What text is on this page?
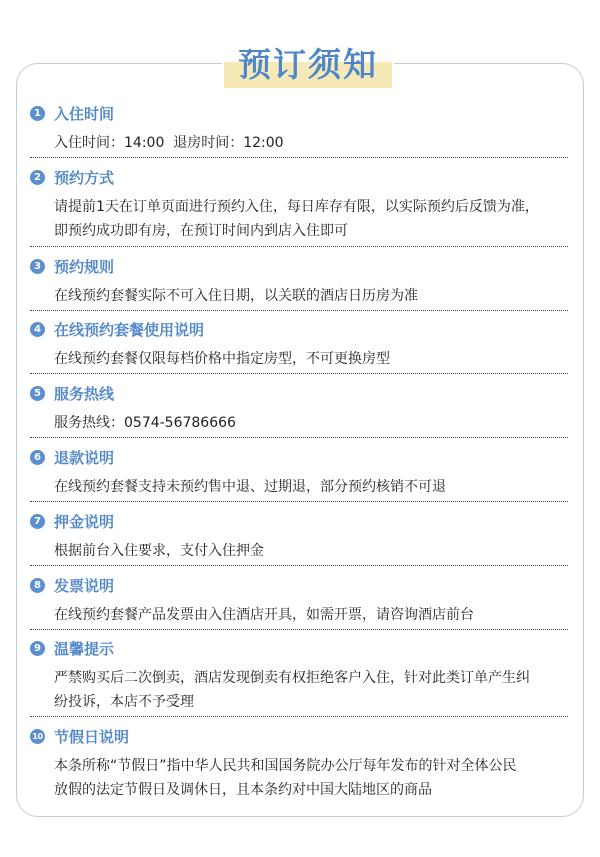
预订须知
1 入住时间
入住时间：14:00  退房时间：12:00
2 预约方式
请提前1天在订单页面进行预约入住，每日库存有限，以实际预约后反馈为准，
即预约成功即有房，在预订时间内到店入住即可
3 预约规则
在线预约套餐实际不可入住日期，以关联的酒店日历房为准
4 在线预约套餐使用说明
在线预约套餐仅限每档价格中指定房型，不可更换房型
5 服务热线
服务热线：0574-56786666
6 退款说明
在线预约套餐支持未预约售中退、过期退，部分预约核销不可退
7 押金说明
根据前台入住要求，支付入住押金
8 发票说明
在线预约套餐产品发票由入住酒店开具，如需开票，请咨询酒店前台
9 温馨提示
严禁购买后二次倒卖，酒店发现倒卖有权拒绝客户入住，针对此类订单产生纠
纷投诉，本店不予受理
10 节假日说明
本条所称“节假日”指中华人民共和国国务院办公厅每年发布的针对全体公民
放假的法定节假日及调休日，且本条约对中国大陆地区的商品
